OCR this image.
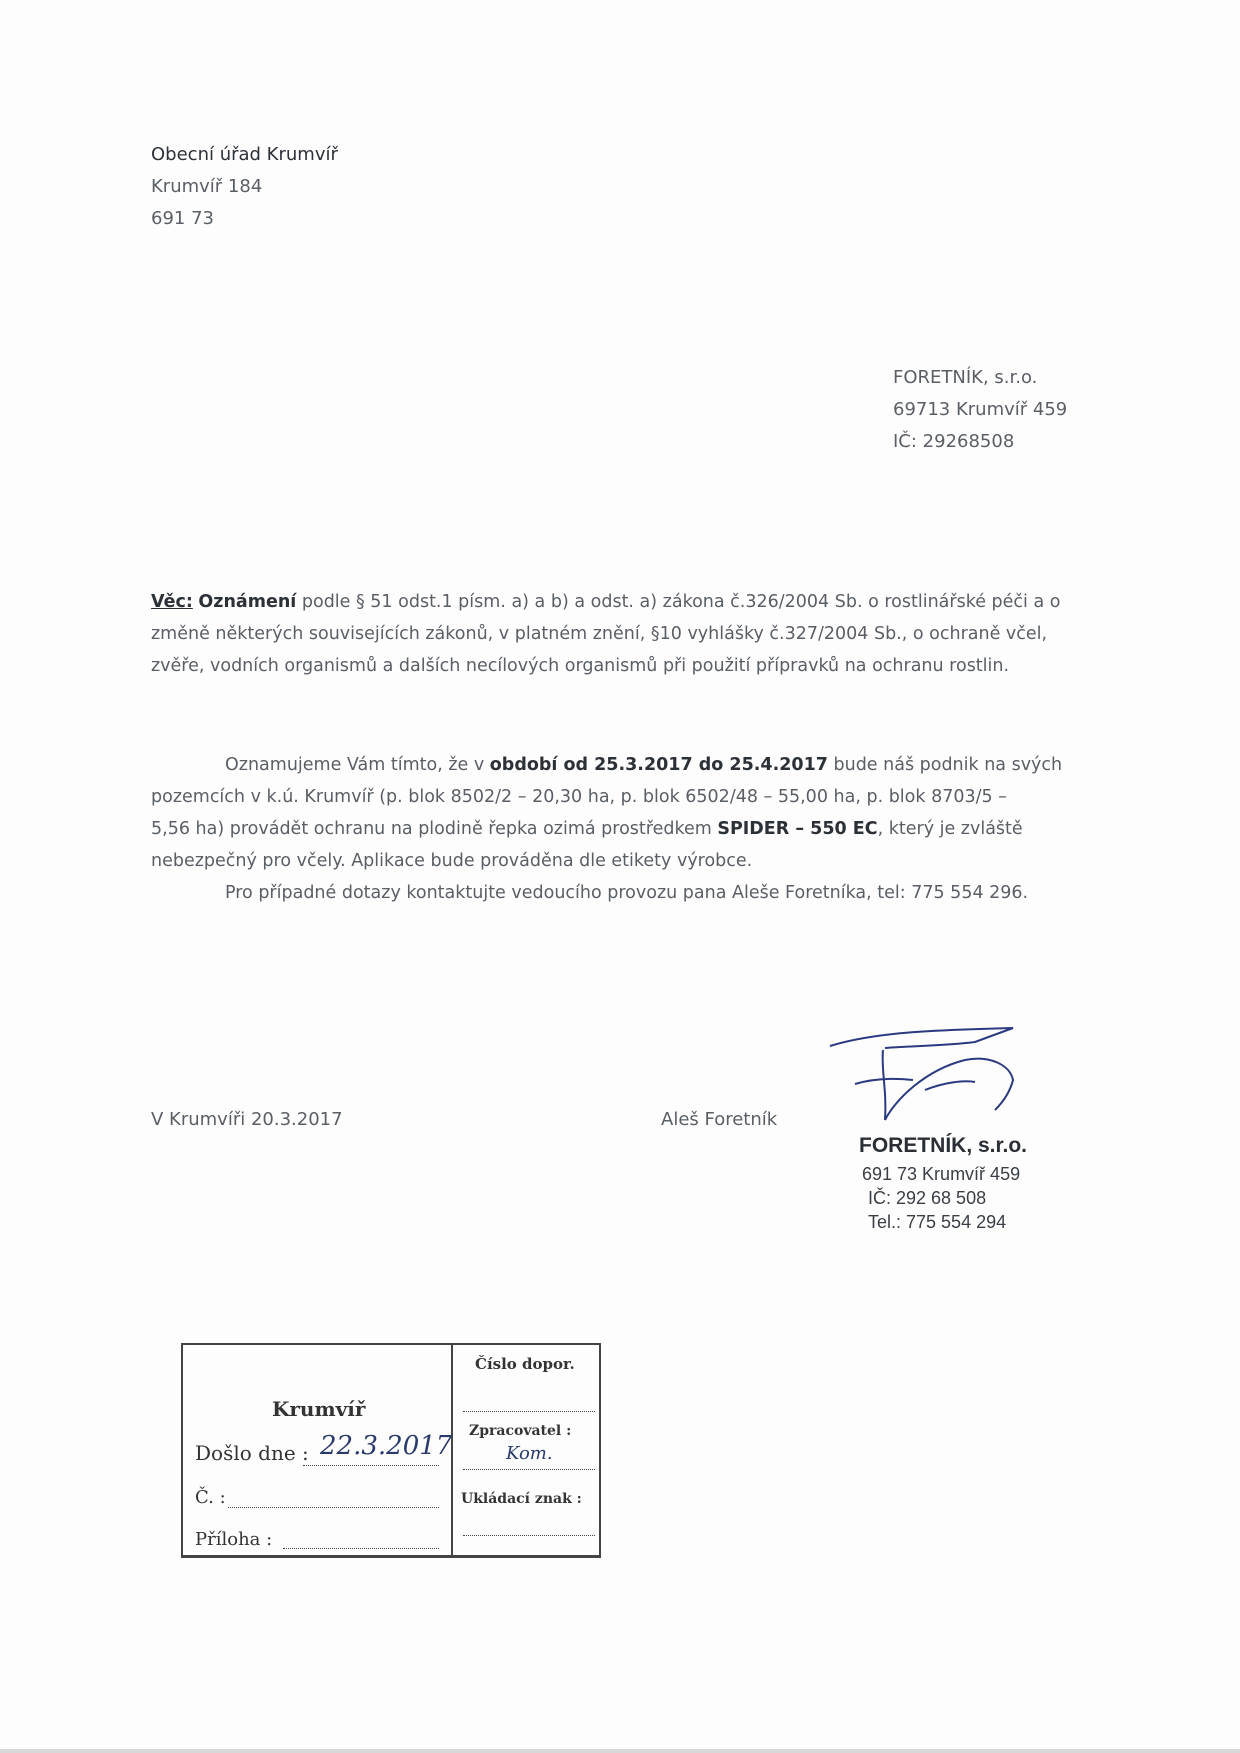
Obecní úřad Krumvíř
Krumvíř 184
691 73
FORETNÍK, s.r.o.
69713 Krumvíř 459
IČ: 29268508
Věc: Oznámení podle § 51 odst.1 písm. a) a b) a odst. a) zákona č.326/2004 Sb. o rostlinářské péči a o
změně některých souvisejících zákonů, v platném znění, §10 vyhlášky č.327/2004 Sb., o ochraně včel,
zvěře, vodních organismů a dalších necílových organismů při použití přípravků na ochranu rostlin.
Oznamujeme Vám tímto, že v období od 25.3.2017 do 25.4.2017 bude náš podnik na svých
pozemcích v k.ú. Krumvíř (p. blok 8502/2 – 20,30 ha, p. blok 6502/48 – 55,00 ha, p. blok 8703/5 –
5,56 ha) provádět ochranu na plodině řepka ozimá prostředkem SPIDER – 550 EC, který je zvláště
nebezpečný pro včely. Aplikace bude prováděna dle etikety výrobce.
Pro případné dotazy kontaktujte vedoucího provozu pana Aleše Foretníka, tel: 775 554 296.
V Krumvíři 20.3.2017	Aleš Foretník
FORETNÍK, s.r.o.
691 73 Krumvíř 459
IČ: 292 68 508
Tel.: 775 554 294
Krumvíř
Došlo dne : 22.3.2017
Č. :
Příloha :
Číslo dopor.
Zpracovatel :
Kom.
Ukládací znak :
